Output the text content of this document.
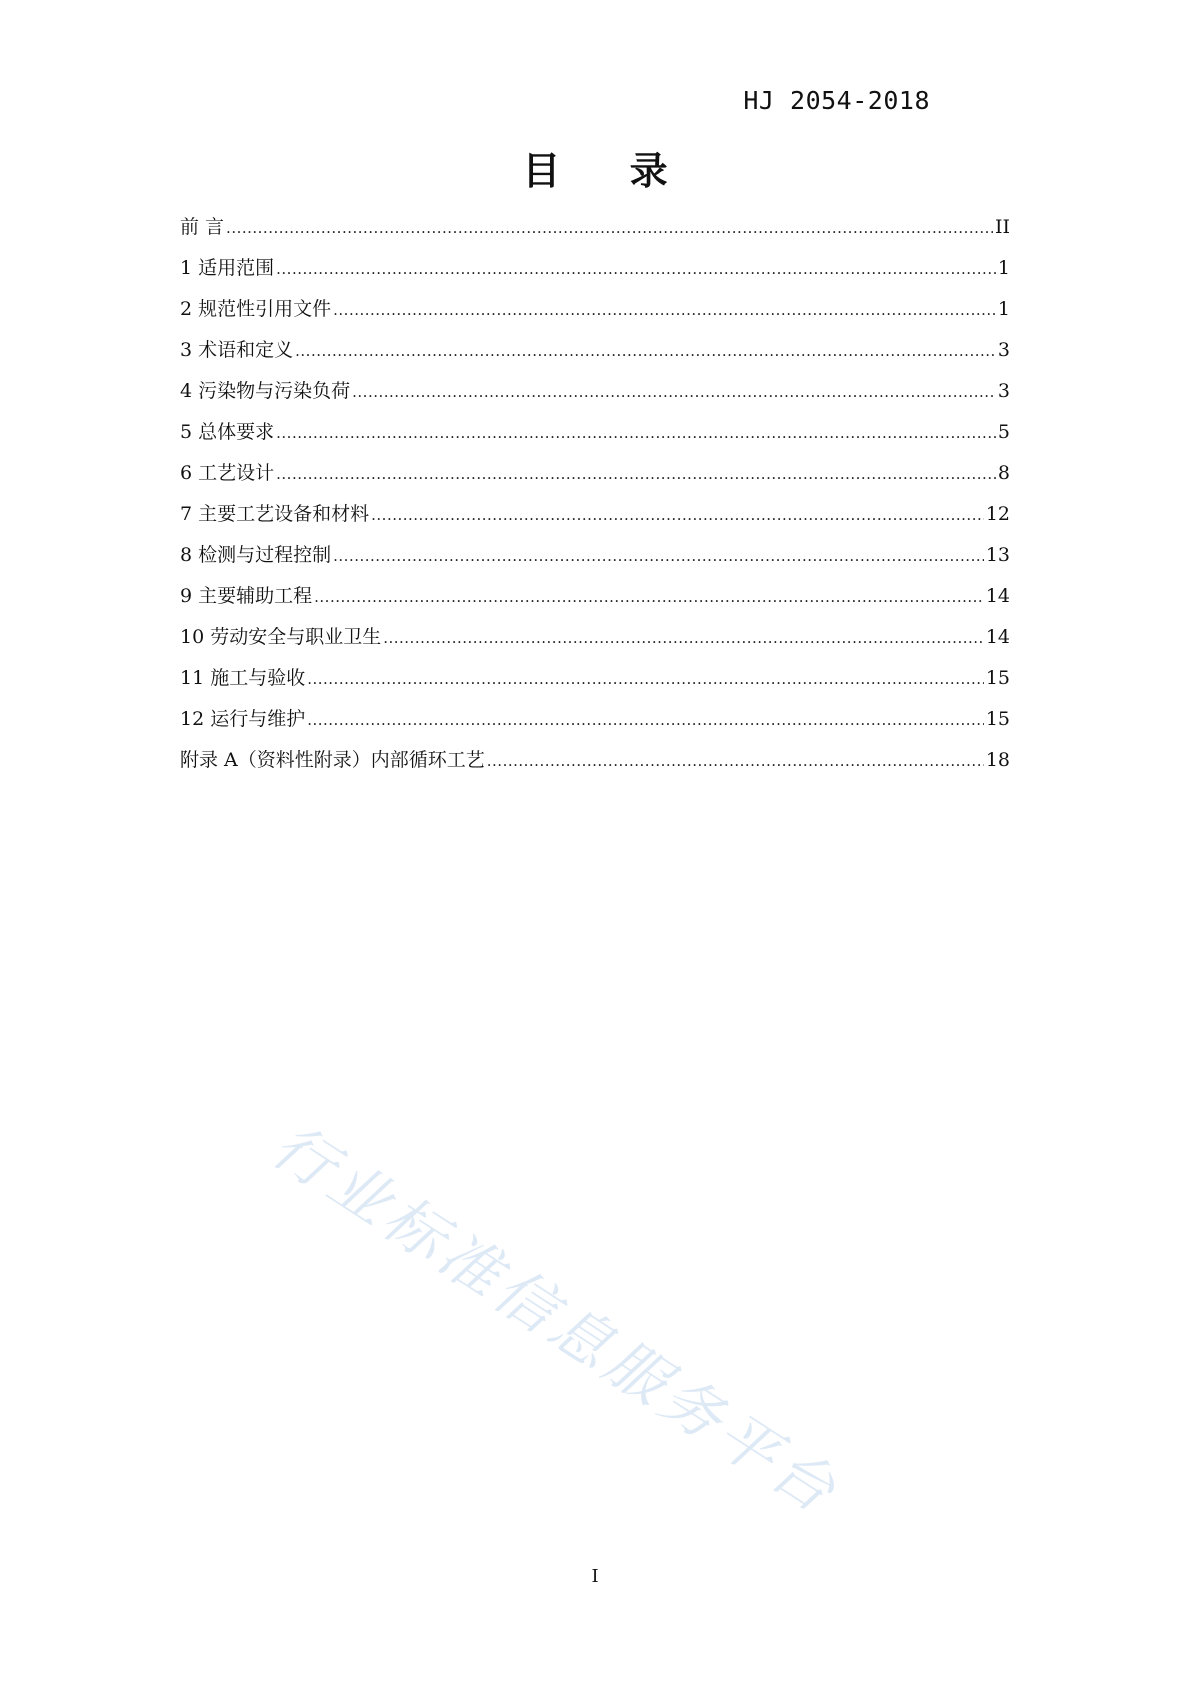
HJ 2054-2018
目 录
前 言 .....	II
1 适用范围 .....	1
2 规范性引用文件 .....	1
3 术语和定义 .....	3
4 污染物与污染负荷 .....	3
5 总体要求 .....	5
6 工艺设计 .....	8
7 主要工艺设备和材料 .....	12
8 检测与过程控制 .....	13
9 主要辅助工程 .....	14
10 劳动安全与职业卫生 .....	14
11 施工与验收 .....	15
12 运行与维护 .....	15
附录 A（资料性附录）内部循环工艺 .....	18
行业标准信息服务平台
I
